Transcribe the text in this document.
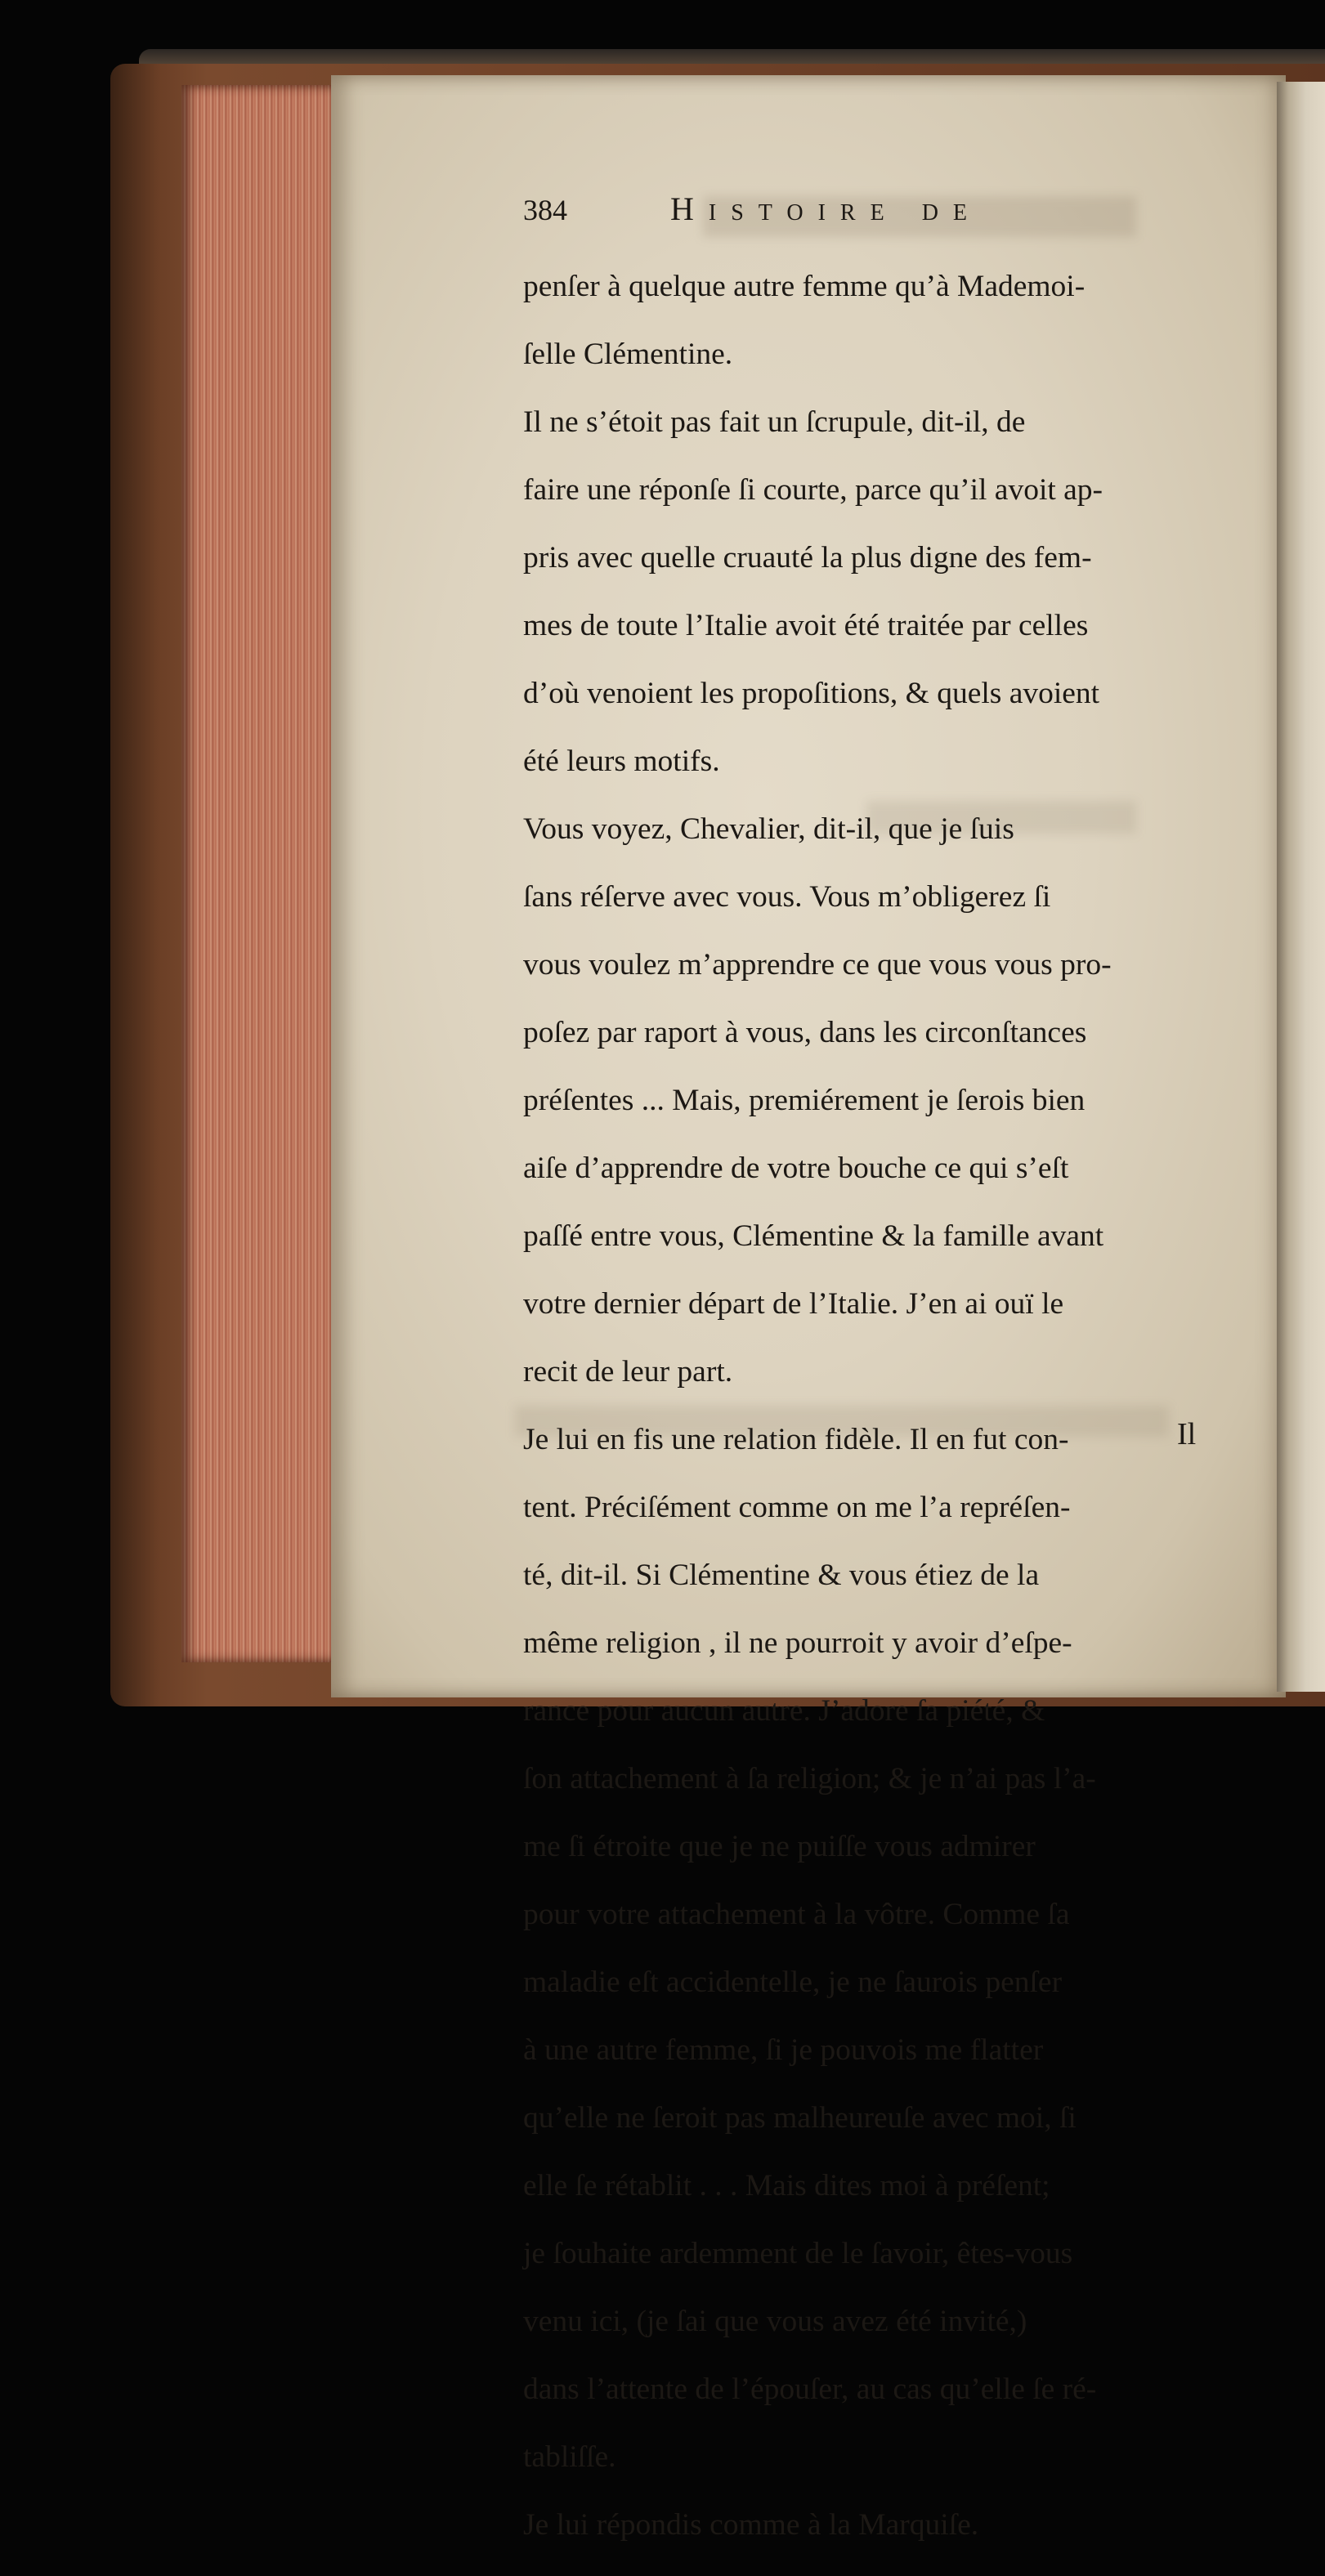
384	Histoire de

penſer à quelque autre femme qu’à Mademoi-

ſelle Clémentine.

Il ne s’étoit pas fait un ſcrupule, dit-il, de

faire une réponſe ſi courte, parce qu’il avoit ap-

pris avec quelle cruauté la plus digne des fem-

mes de toute l’Italie avoit été traitée par celles

d’où venoient les propoſitions, & quels avoient

été leurs motifs.

Vous voyez, Chevalier, dit-il, que je ſuis

ſans réſerve avec vous. Vous m’obligerez ſi

vous voulez m’apprendre ce que vous vous pro-

poſez par raport à vous, dans les circonſtances

préſentes ... Mais, premiérement je ſerois bien

aiſe d’apprendre de votre bouche ce qui s’eſt

paſſé entre vous, Clémentine & la famille avant

votre dernier départ de l’Italie. J’en ai ouï le

recit de leur part.

Je lui en fis une relation fidèle. Il en fut con-

tent. Préciſément comme on me l’a repréſen-

té, dit-il. Si Clémentine & vous étiez de la

même religion , il ne pourroit y avoir d’eſpe-

rance pour aucun autre. J’adore ſa piété, &

ſon attachement à ſa religion; & je n’ai pas l’a-

me ſi étroite que je ne puiſſe vous admirer

pour votre attachement à la vôtre. Comme ſa

maladie eſt accidentelle, je ne ſaurois penſer

à une autre femme, ſi je pouvois me flatter

qu’elle ne ſeroit pas malheureuſe avec moi, ſi

elle ſe rétablit . . . Mais dites moi à préſent;

je ſouhaite ardemment de le ſavoir, êtes-vous

venu ici, (je ſai que vous avez été invité,)

dans l’attente de l’épouſer, au cas qu’elle ſe ré-

tabliſſe.

Je lui répondis comme à la Marquiſe.

Il
